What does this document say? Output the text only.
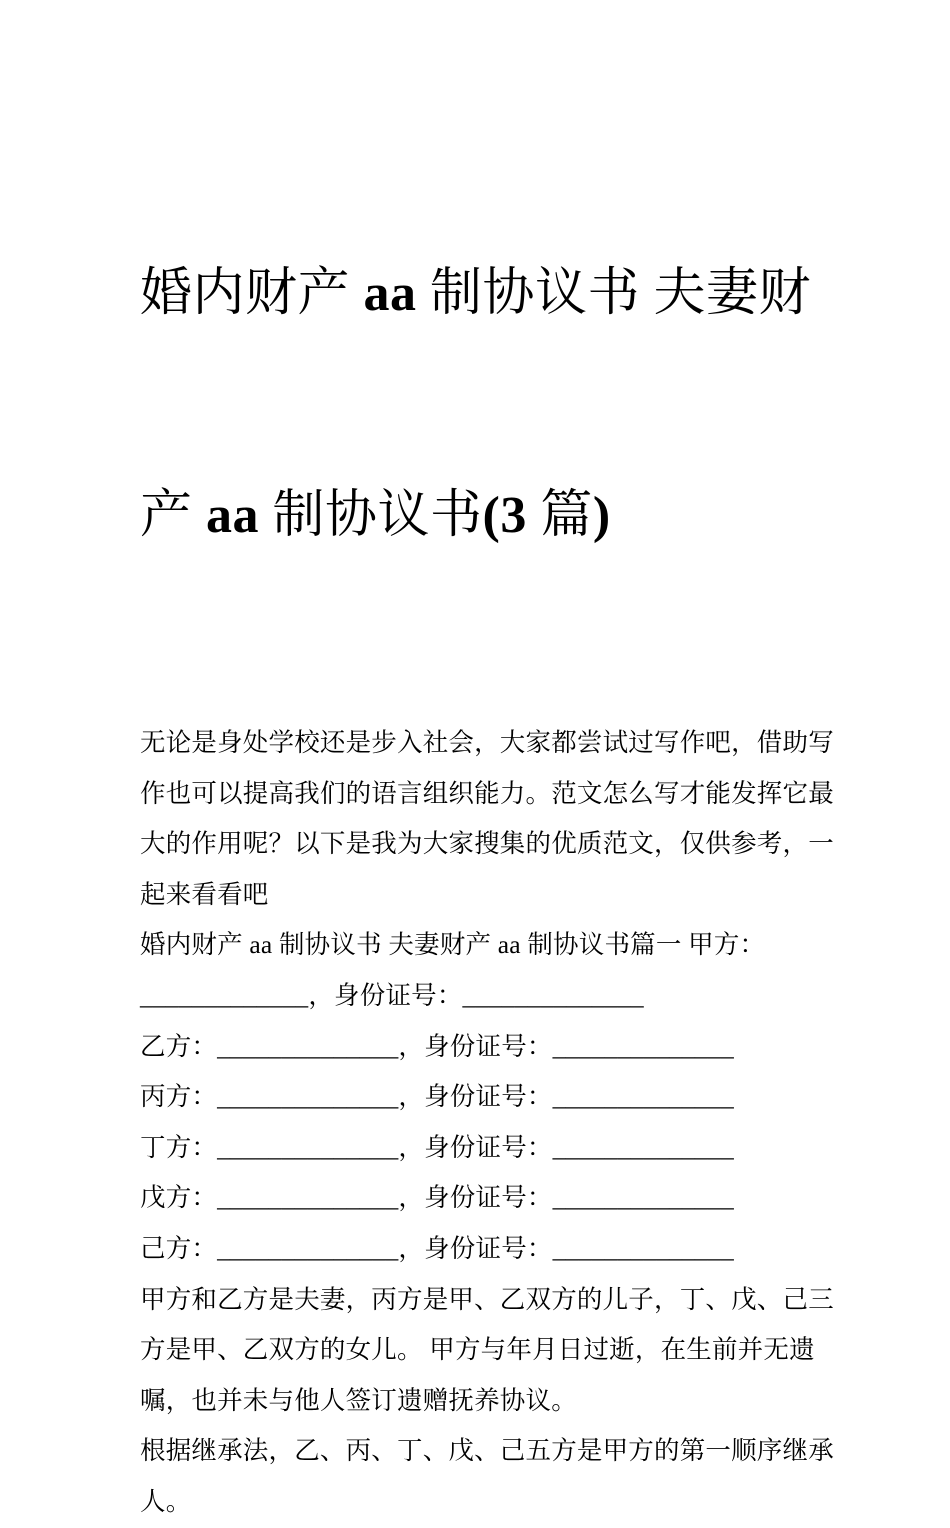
婚内财产 aa 制协议书 夫妻财

产 aa 制协议书(3 篇)

无论是身处学校还是步入社会，大家都尝试过写作吧，借助写
作也可以提高我们的语言组织能力。范文怎么写才能发挥它最
大的作用呢？以下是我为大家搜集的优质范文，仅供参考，一
起来看看吧
婚内财产 aa 制协议书 夫妻财产 aa 制协议书篇一 甲方：
_____________，身份证号：______________
乙方：______________，身份证号：______________
丙方：______________，身份证号：______________
丁方：______________，身份证号：______________
戊方：______________，身份证号：______________
己方：______________，身份证号：______________
甲方和乙方是夫妻，丙方是甲、乙双方的儿子，丁、戊、己三
方是甲、乙双方的女儿。 甲方与年月日过逝，在生前并无遗
嘱，也并未与他人签订遗赠抚养协议。
根据继承法，乙、丙、丁、戊、己五方是甲方的第一顺序继承
人。
